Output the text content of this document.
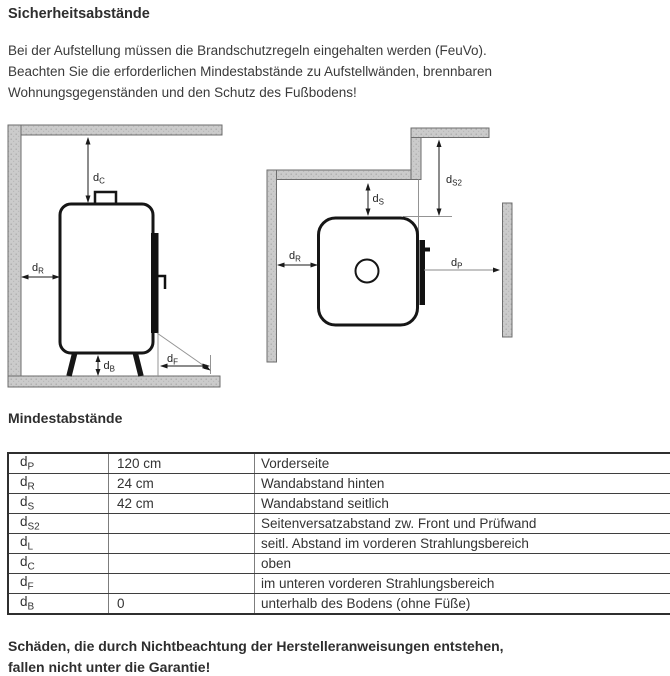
Sicherheitsabstände
Bei der Aufstellung müssen die Brandschutzregeln eingehalten werden (FeuVo).
Beachten Sie die erforderlichen Mindestabstände zu Aufstellwänden, brennbaren
Wohnungsgegenständen und den Schutz des Fußbodens!
$d_C$
$d_R$
$d_B$
$d_F$
$d_S$
$d_{S2}$
$d_R$	$d_P$
Mindestabstände
$d_P$	120 cm	Vorderseite
$d_R$	24 cm	Wandabstand hinten
$d_S$	42 cm	Wandabstand seitlich
$d_{S2}$		Seitenversatzabstand zw. Front und Prüfwand
$d_L$		seitl. Abstand im vorderen Strahlungsbereich
$d_C$		oben
$d_F$		im unteren vorderen Strahlungsbereich
$d_B$	0	unterhalb des Bodens (ohne Füße)
Schäden, die durch Nichtbeachtung der Herstelleranweisungen entstehen,
fallen nicht unter die Garantie!
